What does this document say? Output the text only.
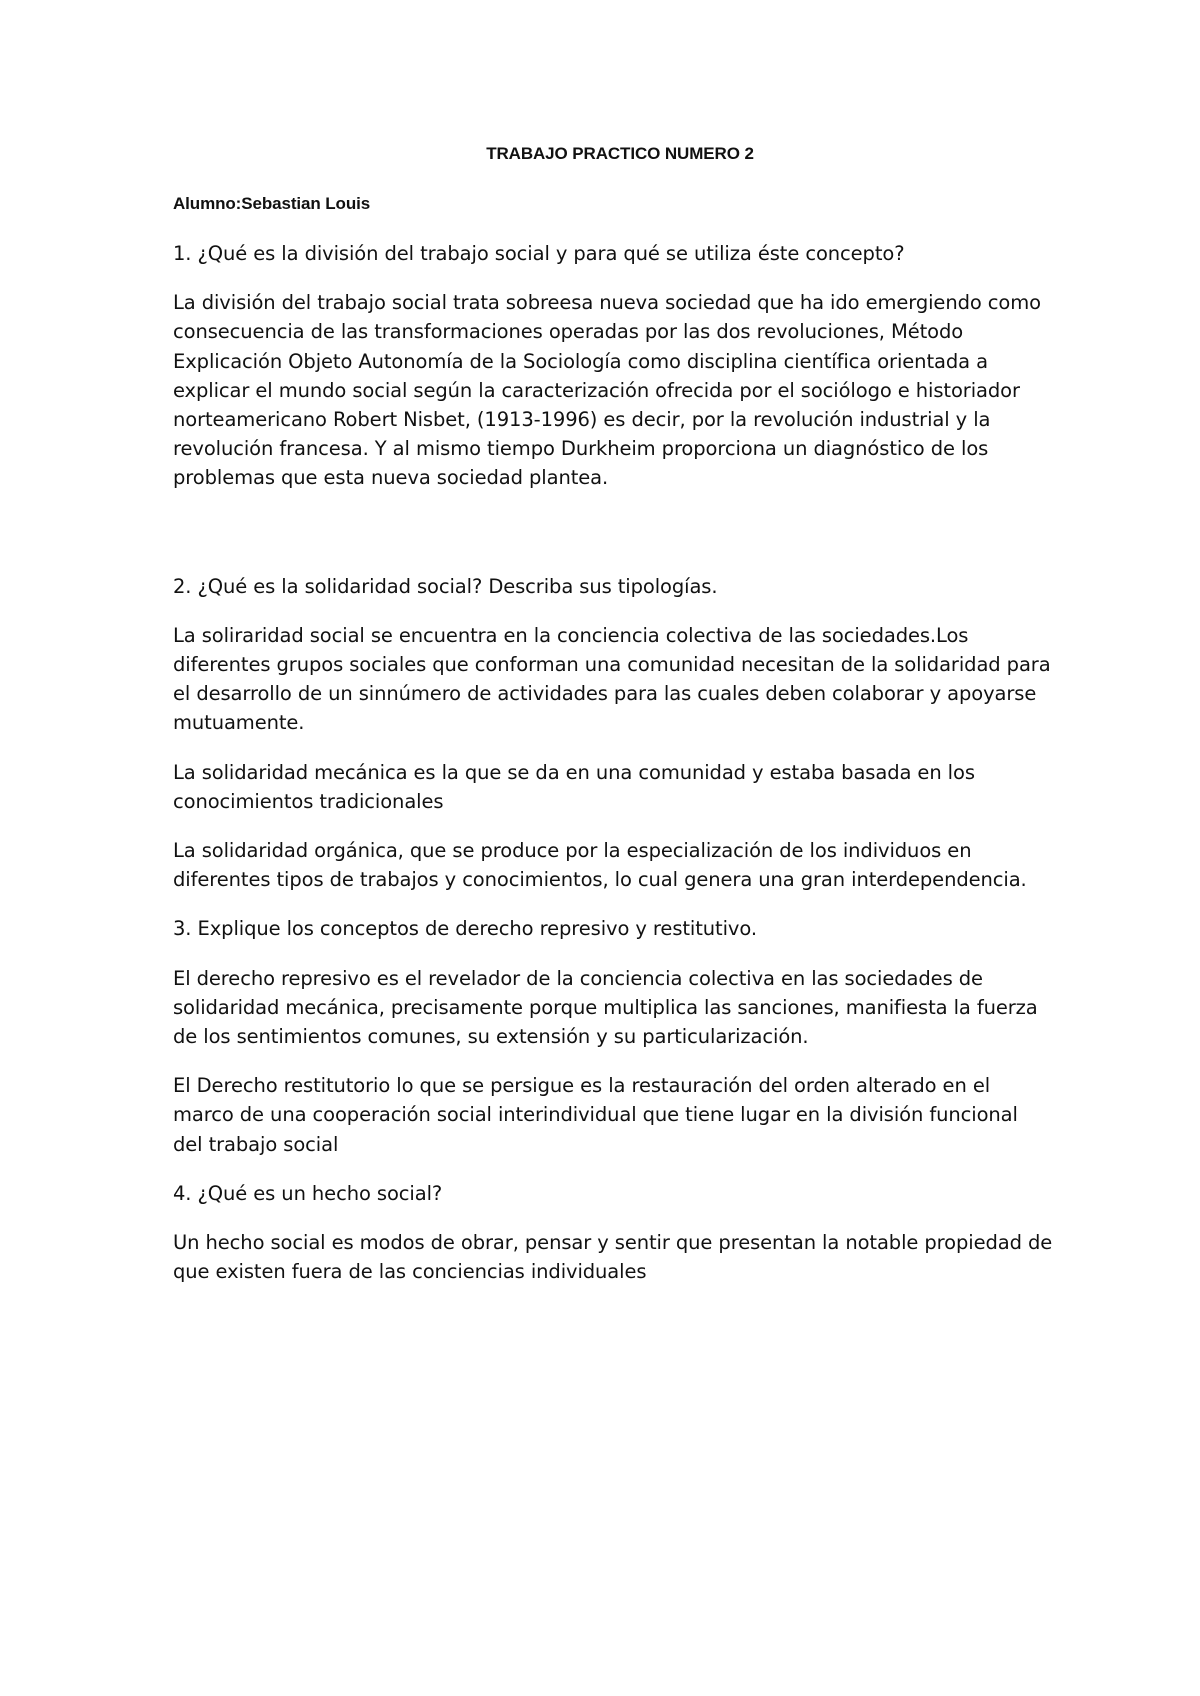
TRABAJO PRACTICO NUMERO 2
Alumno:Sebastian Louis
1. ¿Qué es la división del trabajo social y para qué se utiliza éste concepto?
La división del trabajo social trata sobreesa nueva sociedad que ha ido emergiendo como consecuencia de las transformaciones operadas por las dos revoluciones, Método Explicación Objeto Autonomía de la Sociología como disciplina científica orientada a explicar el mundo social según la caracterización ofrecida por el sociólogo e historiador norteamericano Robert Nisbet, (1913-1996) es decir, por la revolución industrial y la revolución francesa. Y al mismo tiempo Durkheim proporciona un diagnóstico de los problemas que esta nueva sociedad plantea.
2. ¿Qué es la solidaridad social? Describa sus tipologías.
La soliraridad social se encuentra en la conciencia colectiva de las sociedades.Los diferentes grupos sociales que conforman una comunidad necesitan de la solidaridad para el desarrollo de un sinnúmero de actividades para las cuales deben colaborar y apoyarse mutuamente.
La solidaridad mecánica es la que se da en una comunidad y estaba basada en los conocimientos tradicionales
La solidaridad orgánica, que se produce por la especialización de los individuos en diferentes tipos de trabajos y conocimientos, lo cual genera una gran interdependencia.
3. Explique los conceptos de derecho represivo y restitutivo.
El derecho represivo es el revelador de la conciencia colectiva en las sociedades de solidaridad mecánica, precisamente porque multiplica las sanciones, manifiesta la fuerza de los sentimientos comunes, su extensión y su particularización.
El Derecho restitutorio lo que se persigue es la restauración del orden alterado en el marco de una cooperación social interindividual que tiene lugar en la división funcional del trabajo social
4. ¿Qué es un hecho social?
Un hecho social es modos de obrar, pensar y sentir que presentan la notable propiedad de que existen fuera de las conciencias individuales
